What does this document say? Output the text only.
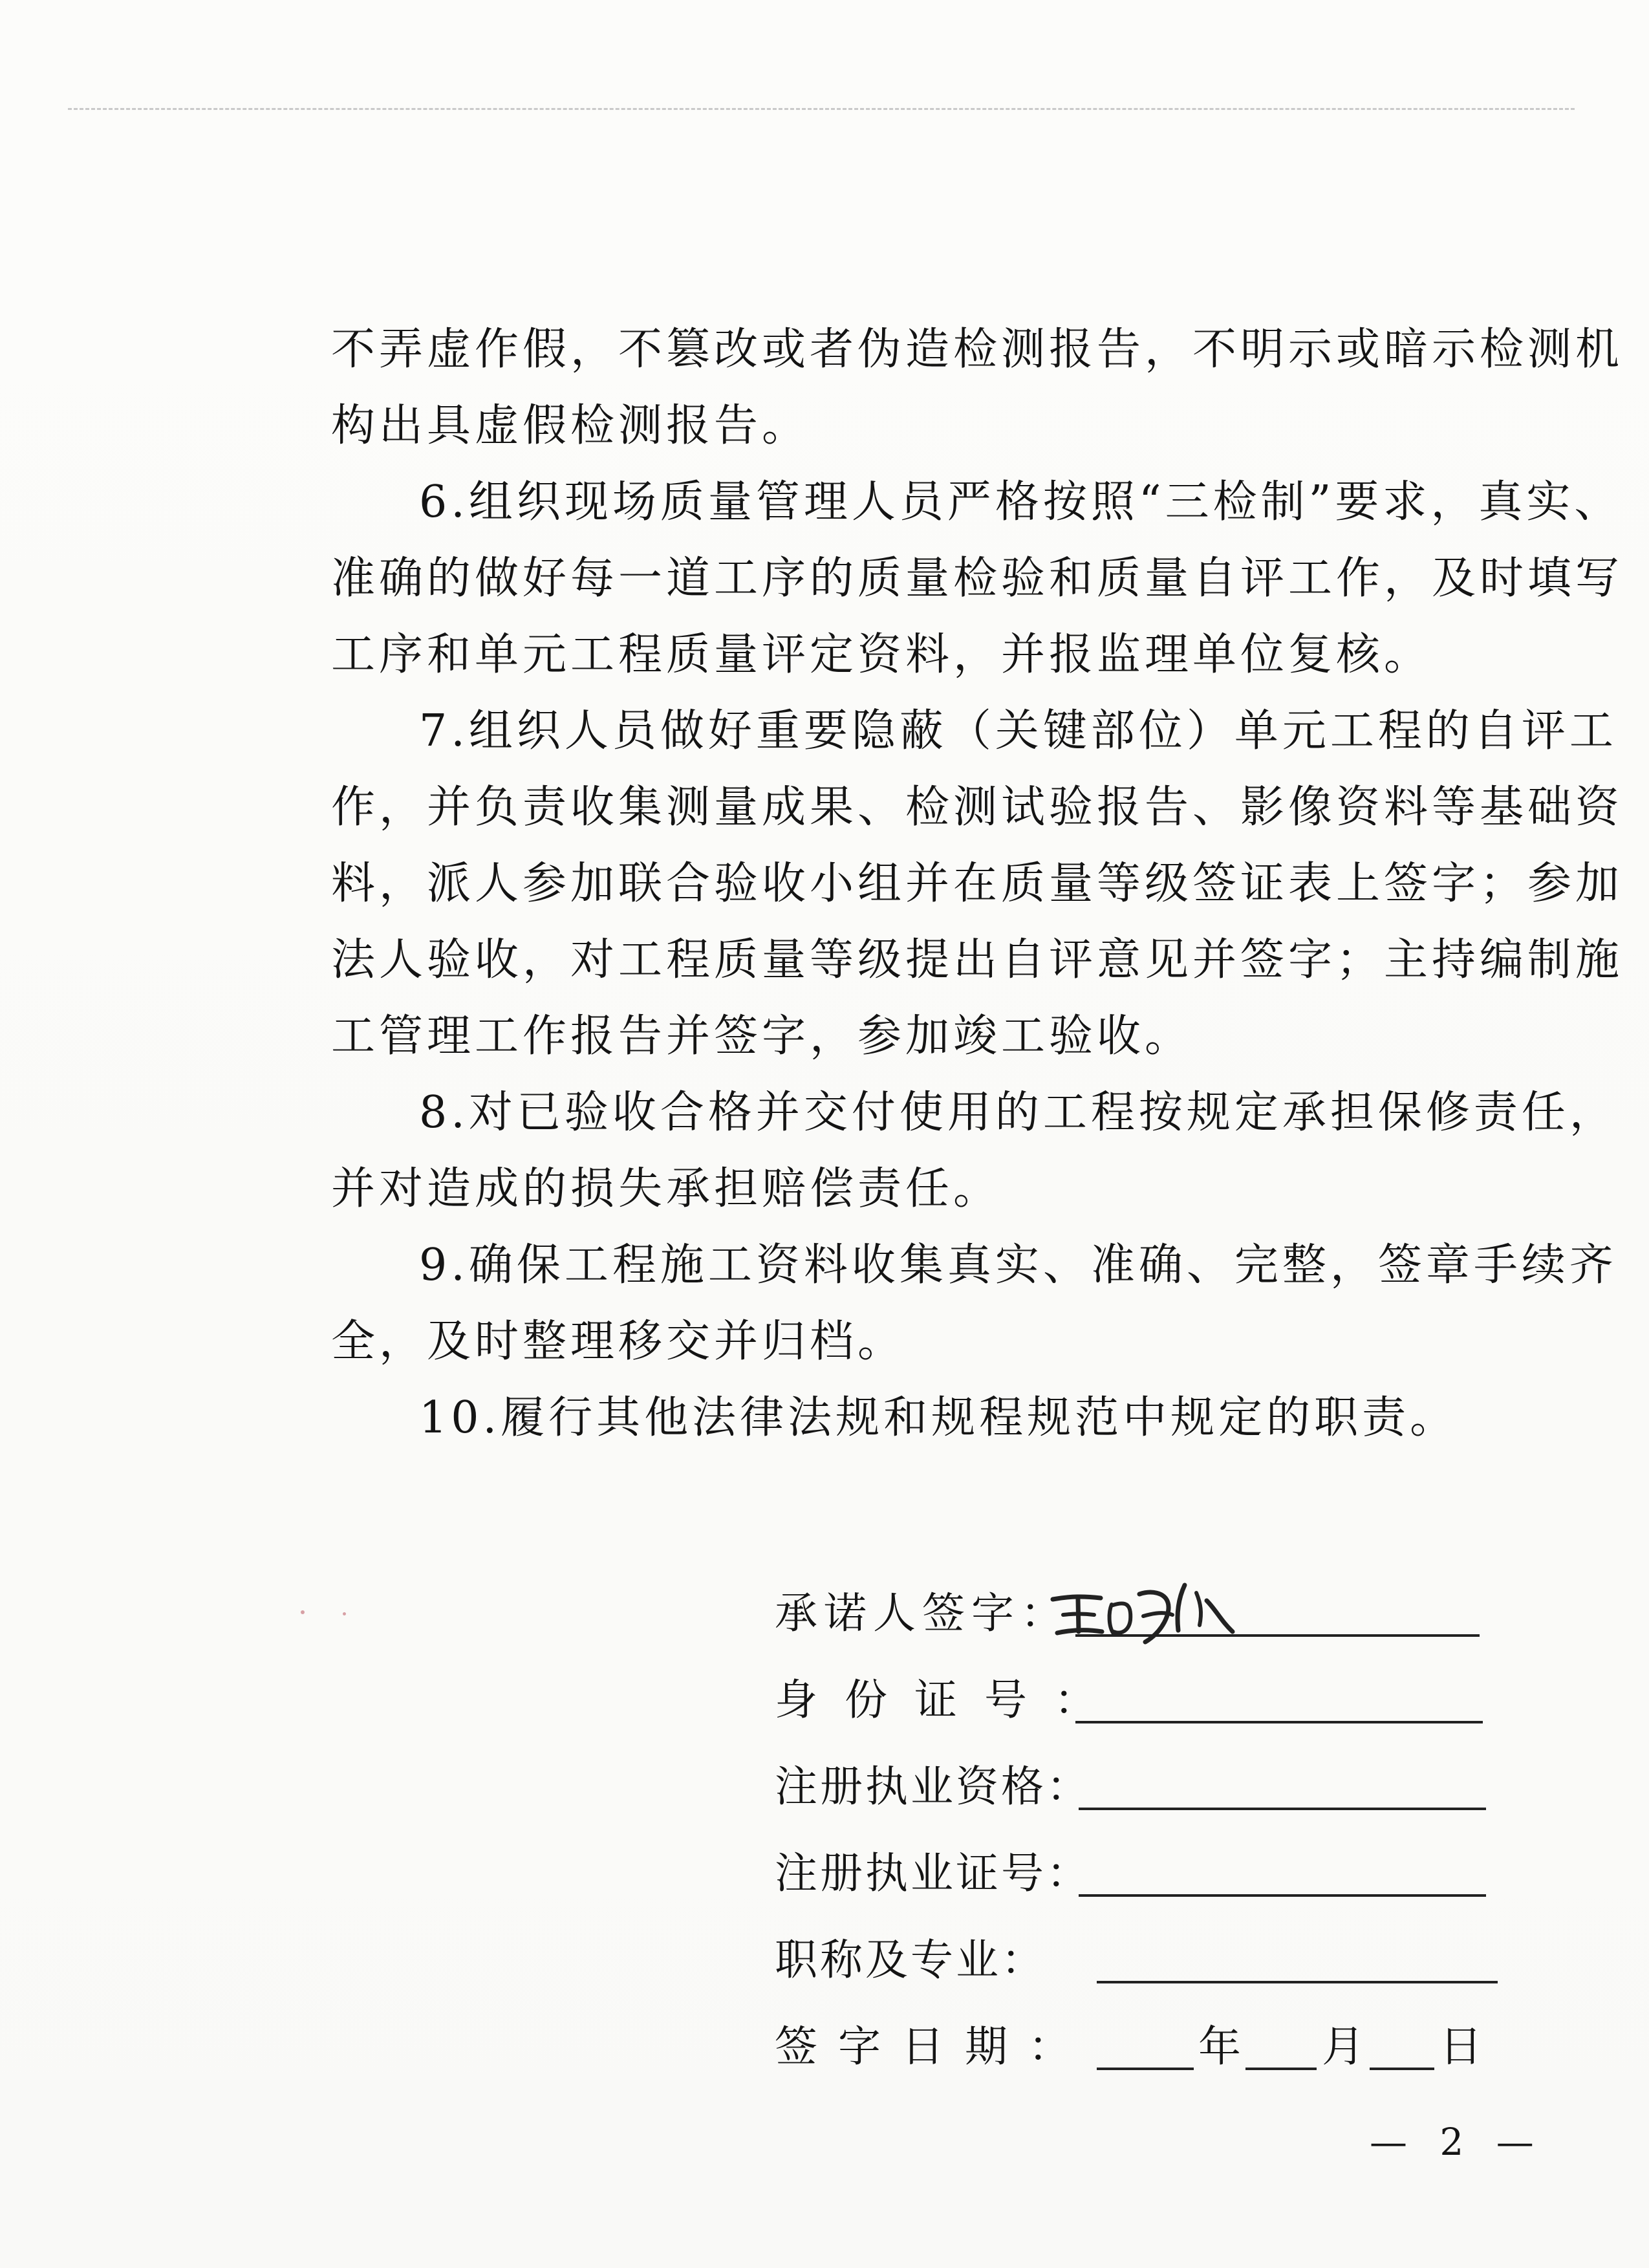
不弄虚作假，不篡改或者伪造检测报告，不明示或暗示检测机
构出具虚假检测报告。
6.组织现场质量管理人员严格按照“三检制”要求，真实、
准确的做好每一道工序的质量检验和质量自评工作，及时填写
工序和单元工程质量评定资料，并报监理单位复核。
7.组织人员做好重要隐蔽（关键部位）单元工程的自评工
作，并负责收集测量成果、检测试验报告、影像资料等基础资
料，派人参加联合验收小组并在质量等级签证表上签字；参加
法人验收，对工程质量等级提出自评意见并签字；主持编制施
工管理工作报告并签字，参加竣工验收。
8.对已验收合格并交付使用的工程按规定承担保修责任，
并对造成的损失承担赔偿责任。
9.确保工程施工资料收集真实、准确、完整，签章手续齐
全，及时整理移交并归档。
10.履行其他法律法规和规程规范中规定的职责。
承诺人签字：
身份证号：
注册执业资格：
注册执业证号：
职称及专业：
签字日期：	年 月 日
— 2 —
